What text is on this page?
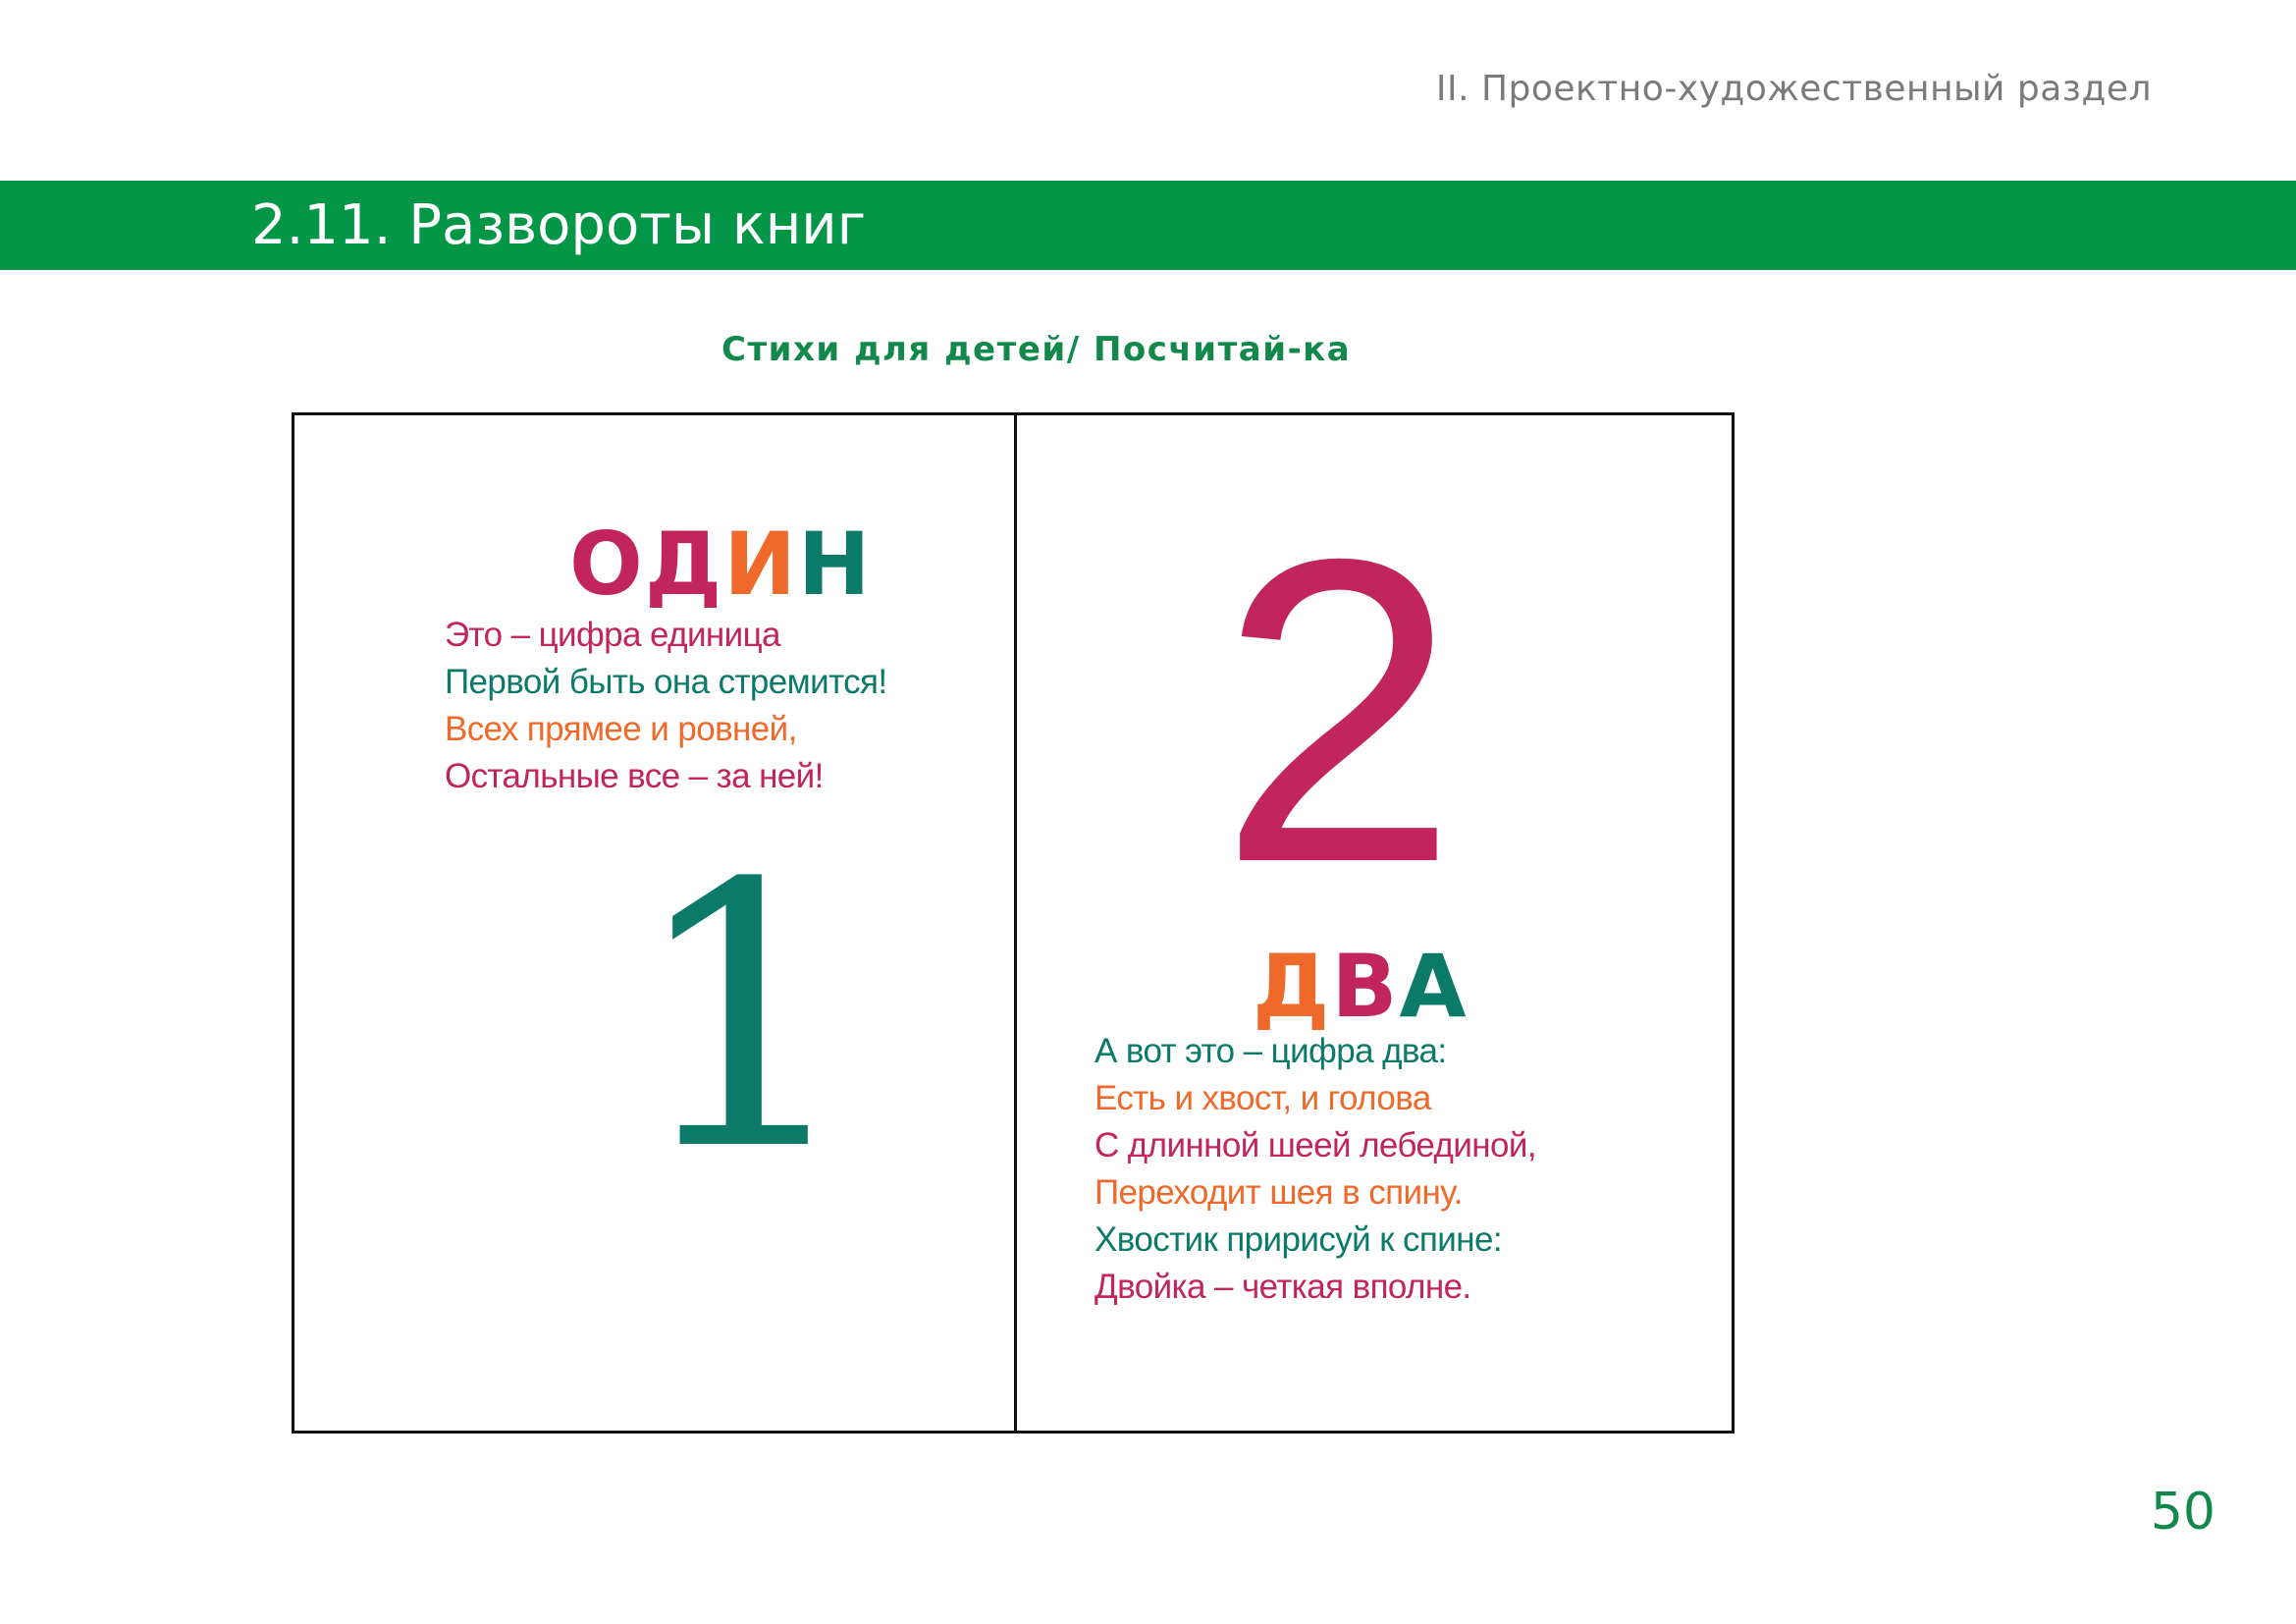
II. Проектно-художественный раздел
2.11. Развороты книг
Стихи для детей/ Посчитай-ка
ОДИН
Это – цифра единица
Первой быть она стремится!
Всех прямее и ровней,
Остальные все – за ней!
1
2
ДВА
А вот это – цифра два:
Есть и хвост, и голова
С длинной шеей лебединой,
Переходит шея в спину.
Хвостик пририсуй к спине:
Двойка – четкая вполне.
50
